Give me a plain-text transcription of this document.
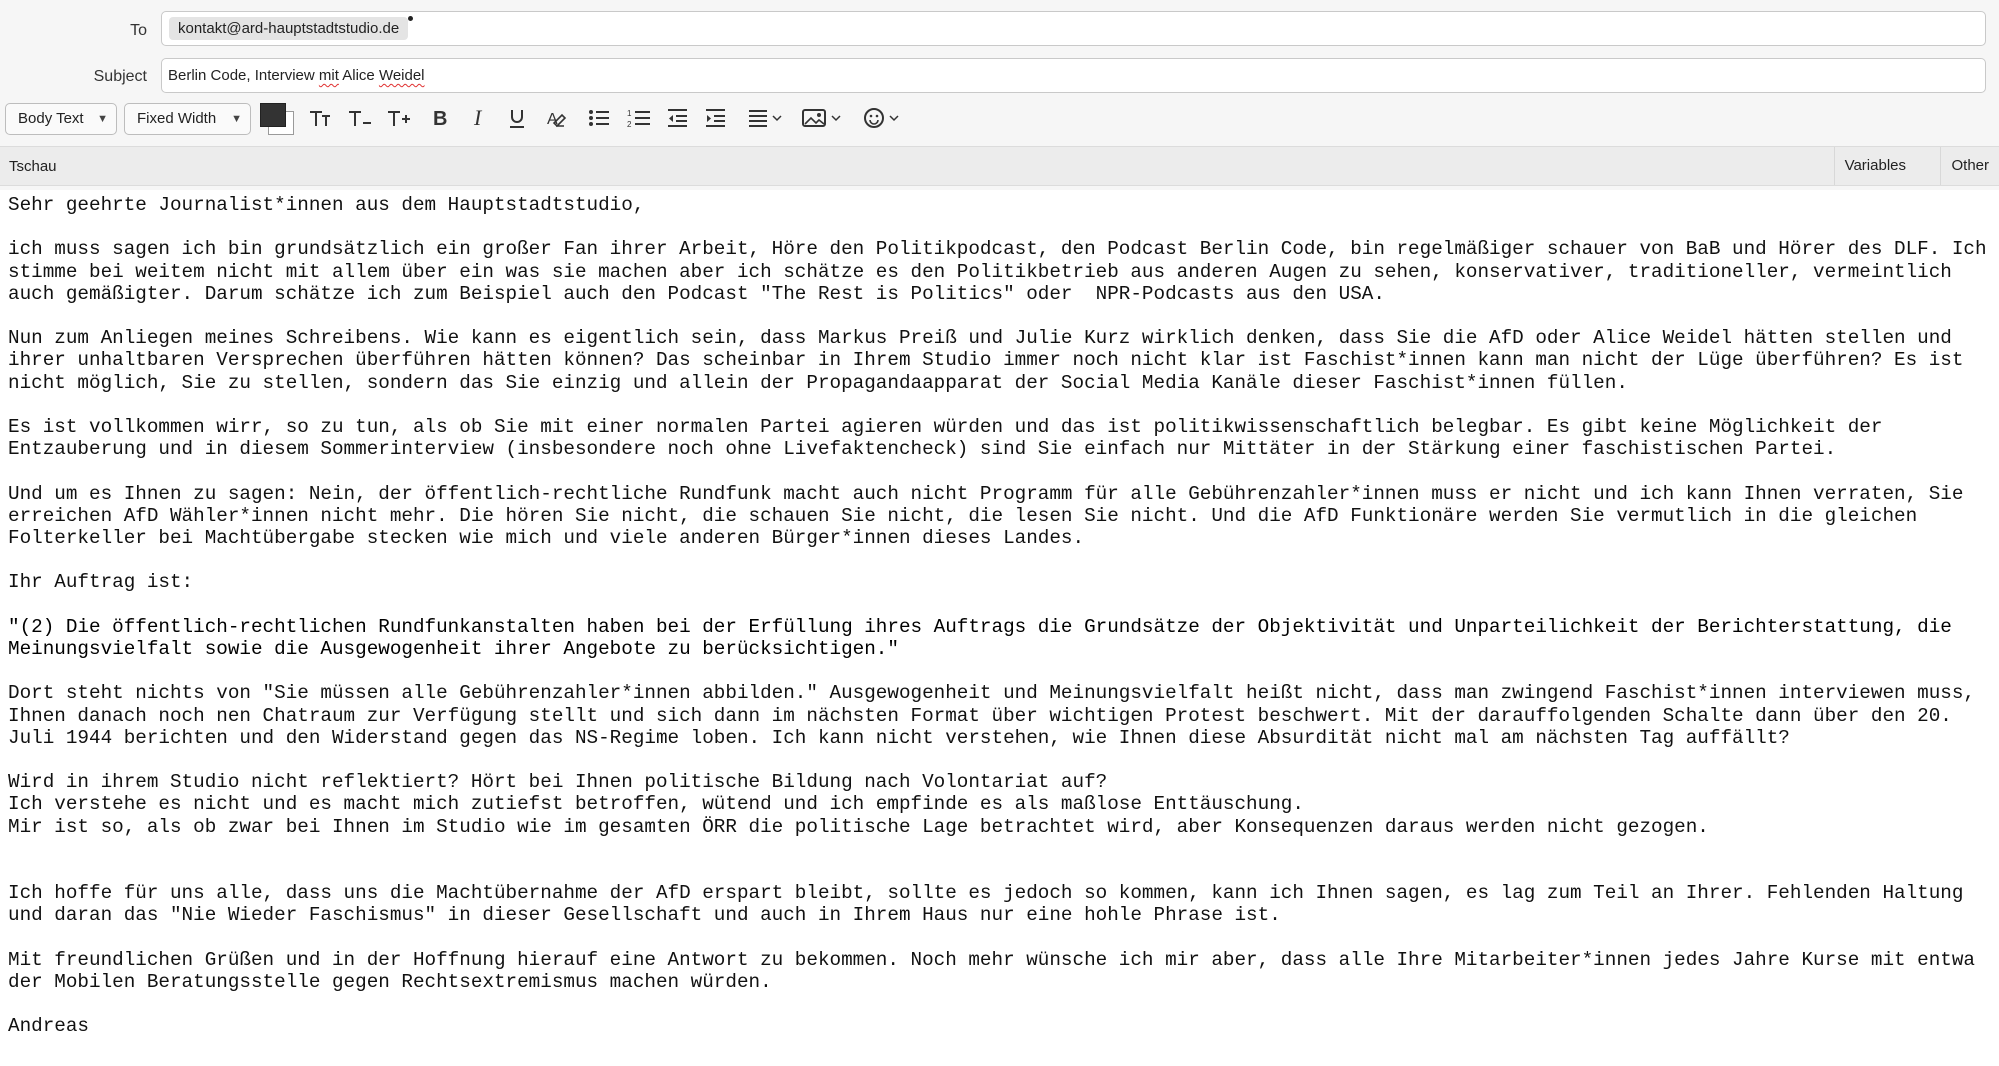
To	kontakt@ard-hauptstadtstudio.de
Subject Berlin Code, Interview mit Alice Weidel
Body Text ▼	Fixed Width ▼	B I	A	1
2
Tschau	Variables	Other

Sehr geehrte Journalist*innen aus dem Hauptstadtstudio,

ich muss sagen ich bin grundsätzlich ein großer Fan ihrer Arbeit, Höre den Politikpodcast, den Podcast Berlin Code, bin regelmäßiger schauer von BaB und Hörer des DLF. Ich stimme bei weitem nicht mit allem über ein was sie machen aber ich schätze es den Politikbetrieb aus anderen Augen zu sehen, konservativer, traditioneller, vermeintlich auch gemäßigter. Darum schätze ich zum Beispiel auch den Podcast "The Rest is Politics" oder  NPR-Podcasts aus den USA.

Nun zum Anliegen meines Schreibens. Wie kann es eigentlich sein, dass Markus Preiß und Julie Kurz wirklich denken, dass Sie die AfD oder Alice Weidel hätten stellen und ihrer unhaltbaren Versprechen überführen hätten können? Das scheinbar in Ihrem Studio immer noch nicht klar ist Faschist*innen kann man nicht der Lüge überführen? Es ist nicht möglich, Sie zu stellen, sondern das Sie einzig und allein der Propagandaapparat der Social Media Kanäle dieser Faschist*innen füllen.

Es ist vollkommen wirr, so zu tun, als ob Sie mit einer normalen Partei agieren würden und das ist politikwissenschaftlich belegbar. Es gibt keine Möglichkeit der Entzauberung und in diesem Sommerinterview (insbesondere noch ohne Livefaktencheck) sind Sie einfach nur Mittäter in der Stärkung einer faschistischen Partei.

Und um es Ihnen zu sagen: Nein, der öffentlich-rechtliche Rundfunk macht auch nicht Programm für alle Gebührenzahler*innen muss er nicht und ich kann Ihnen verraten, Sie erreichen AfD Wähler*innen nicht mehr. Die hören Sie nicht, die schauen Sie nicht, die lesen Sie nicht. Und die AfD Funktionäre werden Sie vermutlich in die gleichen Folterkeller bei Machtübergabe stecken wie mich und viele anderen Bürger*innen dieses Landes.

Ihr Auftrag ist:

"(2) Die öffentlich-rechtlichen Rundfunkanstalten haben bei der Erfüllung ihres Auftrags die Grundsätze der Objektivität und Unparteilichkeit der Berichterstattung, die Meinungsvielfalt sowie die Ausgewogenheit ihrer Angebote zu berücksichtigen."

Dort steht nichts von "Sie müssen alle Gebührenzahler*innen abbilden." Ausgewogenheit und Meinungsvielfalt heißt nicht, dass man zwingend Faschist*innen interviewen muss, Ihnen danach noch nen Chatraum zur Verfügung stellt und sich dann im nächsten Format über wichtigen Protest beschwert. Mit der darauffolgenden Schalte dann über den 20. Juli 1944 berichten und den Widerstand gegen das NS-Regime loben. Ich kann nicht verstehen, wie Ihnen diese Absurdität nicht mal am nächsten Tag auffällt?

Wird in ihrem Studio nicht reflektiert? Hört bei Ihnen politische Bildung nach Volontariat auf?

Ich verstehe es nicht und es macht mich zutiefst betroffen, wütend und ich empfinde es als maßlose Enttäuschung.

Mir ist so, als ob zwar bei Ihnen im Studio wie im gesamten ÖRR die politische Lage betrachtet wird, aber Konsequenzen daraus werden nicht gezogen.

Ich hoffe für uns alle, dass uns die Machtübernahme der AfD erspart bleibt, sollte es jedoch so kommen, kann ich Ihnen sagen, es lag zum Teil an Ihrer. Fehlenden Haltung und daran das "Nie Wieder Faschismus" in dieser Gesellschaft und auch in Ihrem Haus nur eine hohle Phrase ist.

Mit freundlichen Grüßen und in der Hoffnung hierauf eine Antwort zu bekommen. Noch mehr wünsche ich mir aber, dass alle Ihre Mitarbeiter*innen jedes Jahre Kurse mit entwa der Mobilen Beratungsstelle gegen Rechtsextremismus machen würden.

Andreas
